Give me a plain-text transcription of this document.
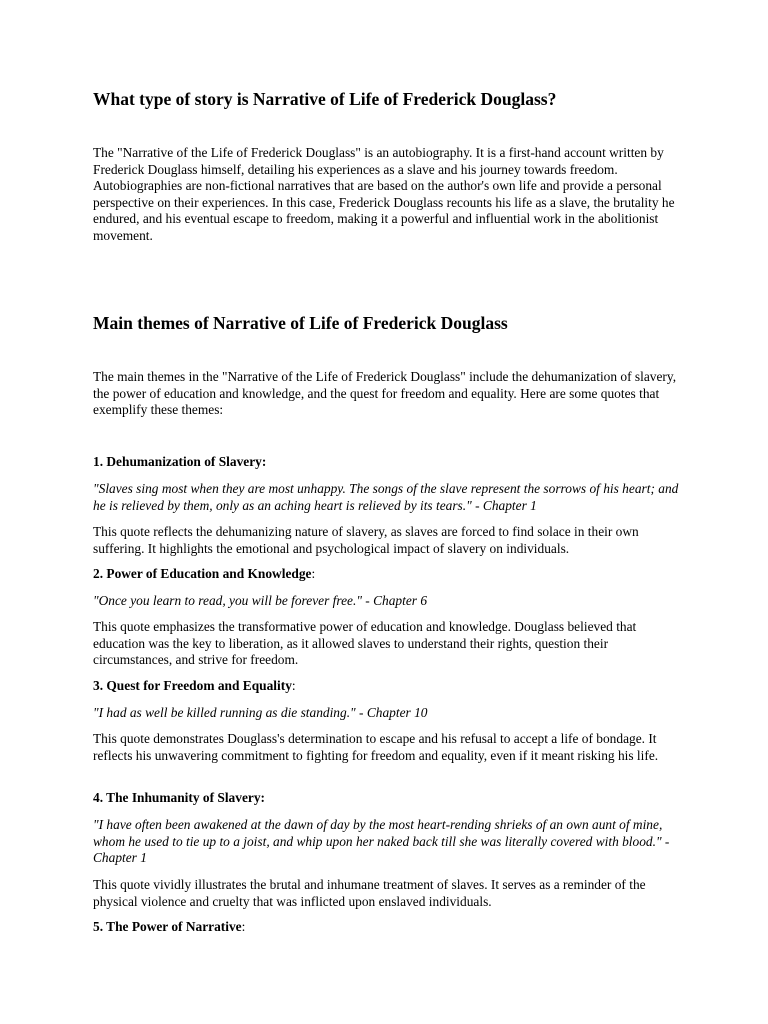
What type of story is Narrative of Life of Frederick Douglass?

The "Narrative of the Life of Frederick Douglass" is an autobiography. It is a first-hand account written by Frederick Douglass himself, detailing his experiences as a slave and his journey towards freedom. Autobiographies are non-fictional narratives that are based on the author's own life and provide a personal perspective on their experiences. In this case, Frederick Douglass recounts his life as a slave, the brutality he endured, and his eventual escape to freedom, making it a powerful and influential work in the abolitionist movement.

Main themes of Narrative of Life of Frederick Douglass

The main themes in the "Narrative of the Life of Frederick Douglass" include the dehumanization of slavery, the power of education and knowledge, and the quest for freedom and equality. Here are some quotes that exemplify these themes:

1. Dehumanization of Slavery:

"Slaves sing most when they are most unhappy. The songs of the slave represent the sorrows of his heart; and he is relieved by them, only as an aching heart is relieved by its tears." - Chapter 1

This quote reflects the dehumanizing nature of slavery, as slaves are forced to find solace in their own suffering. It highlights the emotional and psychological impact of slavery on individuals.

2. Power of Education and Knowledge:

"Once you learn to read, you will be forever free." - Chapter 6

This quote emphasizes the transformative power of education and knowledge. Douglass believed that education was the key to liberation, as it allowed slaves to understand their rights, question their circumstances, and strive for freedom.

3. Quest for Freedom and Equality:

"I had as well be killed running as die standing." - Chapter 10

This quote demonstrates Douglass's determination to escape and his refusal to accept a life of bondage. It reflects his unwavering commitment to fighting for freedom and equality, even if it meant risking his life.

4. The Inhumanity of Slavery:

"I have often been awakened at the dawn of day by the most heart-rending shrieks of an own aunt of mine, whom he used to tie up to a joist, and whip upon her naked back till she was literally covered with blood." - Chapter 1

This quote vividly illustrates the brutal and inhumane treatment of slaves. It serves as a reminder of the physical violence and cruelty that was inflicted upon enslaved individuals.

5. The Power of Narrative:
